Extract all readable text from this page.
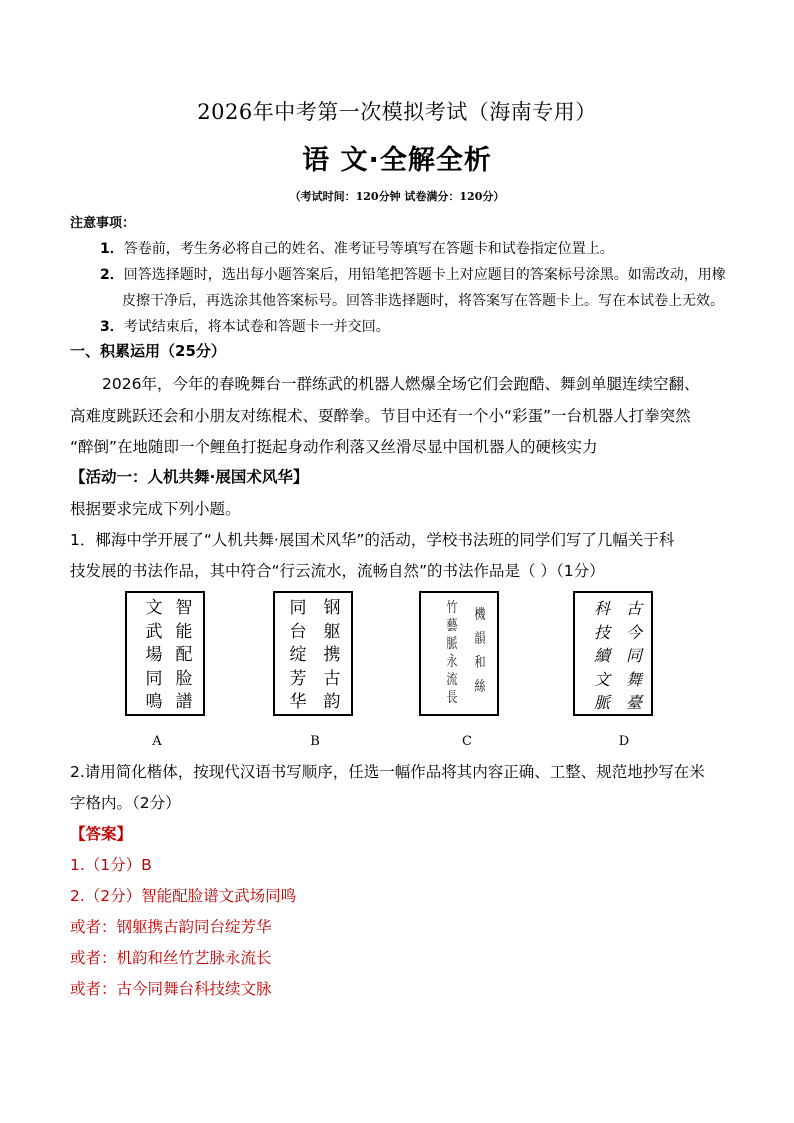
2026年中考第一次模拟考试（海南专用）
语 文·全解全析
（考试时间：120分钟 试卷满分：120分）
注意事项：
1．答卷前，考生务必将自己的姓名、准考证号等填写在答题卡和试卷指定位置上。
2．回答选择题时，选出每小题答案后，用铅笔把答题卡上对应题目的答案标号涂黑。如需改动，用橡
皮擦干净后，再选涂其他答案标号。回答非选择题时，将答案写在答题卡上。写在本试卷上无效。
3．考试结束后，将本试卷和答题卡一并交回。
一、积累运用（25分）
2026年，今年的春晚舞台一群练武的机器人燃爆全场它们会跑酷、舞剑单腿连续空翻、
高难度跳跃还会和小朋友对练棍术、耍醉拳。节目中还有一个小“彩蛋”一台机器人打拳突然
“醉倒”在地随即一个鲤鱼打挺起身动作利落又丝滑尽显中国机器人的硬核实力
【活动一：人机共舞·展国术风华】
根据要求完成下列小题。
1．椰海中学开展了“人机共舞·展国术风华”的活动，学校书法班的同学们写了几幅关于科
技发展的书法作品，其中符合“行云流水，流畅自然”的书法作品是（ ）（1分）
智能配脸譜
文武場同鳴
钢躯携古韵
同台绽芳华
機韻和絲
竹藝脈永流長
古今同舞臺
科技續文脈
A	B	C	D
2.请用简化楷体，按现代汉语书写顺序，任选一幅作品将其内容正确、工整、规范地抄写在米
字格内。（2分）
【答案】
1.（1分）B
2.（2分）智能配脸谱文武场同鸣
或者：钢躯携古韵同台绽芳华
或者：机韵和丝竹艺脉永流长
或者：古今同舞台科技续文脉
